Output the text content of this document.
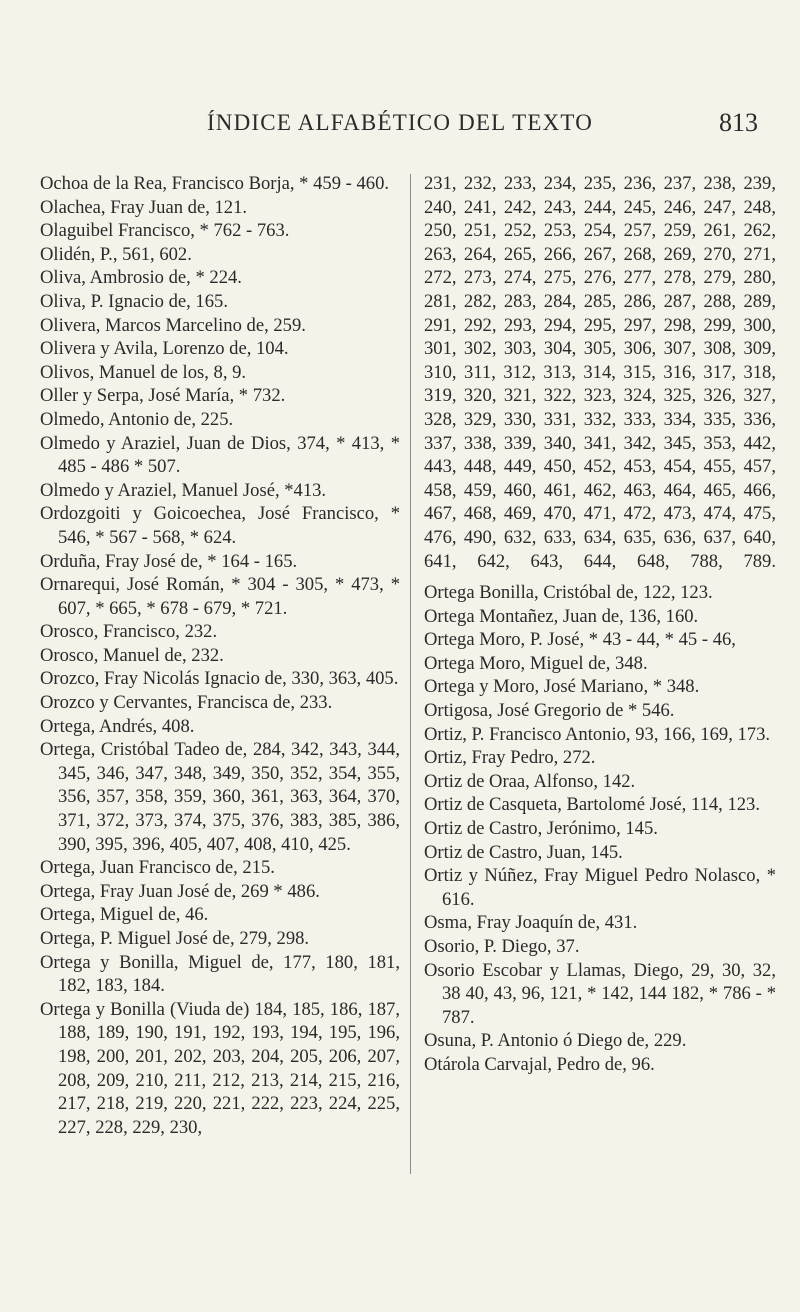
ÍNDICE ALFABÉTICO DEL TEXTO	813
Ochoa de la Rea, Francisco Borja, * 459 - 460.
Olachea, Fray Juan de, 121.
Olaguibel Francisco, * 762 - 763.
Olidén, P., 561, 602.
Oliva, Ambrosio de, * 224.
Oliva, P. Ignacio de, 165.
Olivera, Marcos Marcelino de, 259.
Olivera y Avila, Lorenzo de, 104.
Olivos, Manuel de los, 8, 9.
Oller y Serpa, José María, * 732.
Olmedo, Antonio de, 225.
Olmedo y Araziel, Juan de Dios, 374, * 413, * 485 - 486 * 507.
Olmedo y Araziel, Manuel José, *413.
Ordozgoiti y Goicoechea, José Francisco, * 546, * 567 - 568, * 624.
Orduña, Fray José de, * 164 - 165.
Ornarequi, José Román, * 304 - 305, * 473, * 607, * 665, * 678 - 679, * 721.
Orosco, Francisco, 232.
Orosco, Manuel de, 232.
Orozco, Fray Nicolás Ignacio de, 330, 363, 405.
Orozco y Cervantes, Francisca de, 233.
Ortega, Andrés, 408.
Ortega, Cristóbal Tadeo de, 284, 342, 343, 344, 345, 346, 347, 348, 349, 350, 352, 354, 355, 356, 357, 358, 359, 360, 361, 363, 364, 370, 371, 372, 373, 374, 375, 376, 383, 385, 386, 390, 395, 396, 405, 407, 408, 410, 425.
Ortega, Juan Francisco de, 215.
Ortega, Fray Juan José de, 269 * 486.
Ortega, Miguel de, 46.
Ortega, P. Miguel José de, 279, 298.
Ortega y Bonilla, Miguel de, 177, 180, 181, 182, 183, 184.
Ortega y Bonilla (Viuda de) 184, 185, 186, 187, 188, 189, 190, 191, 192, 193, 194, 195, 196, 198, 200, 201, 202, 203, 204, 205, 206, 207, 208, 209, 210, 211, 212, 213, 214, 215, 216, 217, 218, 219, 220, 221, 222, 223, 224, 225, 227, 228, 229, 230,
231, 232, 233, 234, 235, 236, 237, 238, 239, 240, 241, 242, 243, 244, 245, 246, 247, 248, 250, 251, 252, 253, 254, 257, 259, 261, 262, 263, 264, 265, 266, 267, 268, 269, 270, 271, 272, 273, 274, 275, 276, 277, 278, 279, 280, 281, 282, 283, 284, 285, 286, 287, 288, 289, 291, 292, 293, 294, 295, 297, 298, 299, 300, 301, 302, 303, 304, 305, 306, 307, 308, 309, 310, 311, 312, 313, 314, 315, 316, 317, 318, 319, 320, 321, 322, 323, 324, 325, 326, 327, 328, 329, 330, 331, 332, 333, 334, 335, 336, 337, 338, 339, 340, 341, 342, 345, 353, 442, 443, 448, 449, 450, 452, 453, 454, 455, 457, 458, 459, 460, 461, 462, 463, 464, 465, 466, 467, 468, 469, 470, 471, 472, 473, 474, 475, 476, 490, 632, 633, 634, 635, 636, 637, 640, 641, 642, 643, 644, 648, 788, 789.
Ortega Bonilla, Cristóbal de, 122, 123.
Ortega Montañez, Juan de, 136, 160.
Ortega Moro, P. José, * 43 - 44, * 45 - 46,
Ortega Moro, Miguel de, 348.
Ortega y Moro, José Mariano, * 348.
Ortigosa, José Gregorio de * 546.
Ortiz, P. Francisco Antonio, 93, 166, 169, 173.
Ortiz, Fray Pedro, 272.
Ortiz de Oraa, Alfonso, 142.
Ortiz de Casqueta, Bartolomé José, 114, 123.
Ortiz de Castro, Jerónimo, 145.
Ortiz de Castro, Juan, 145.
Ortiz y Núñez, Fray Miguel Pedro Nolasco, * 616.
Osma, Fray Joaquín de, 431.
Osorio, P. Diego, 37.
Osorio Escobar y Llamas, Diego, 29, 30, 32, 38 40, 43, 96, 121, * 142, 144 182, * 786 - * 787.
Osuna, P. Antonio ó Diego de, 229.
Otárola Carvajal, Pedro de, 96.
